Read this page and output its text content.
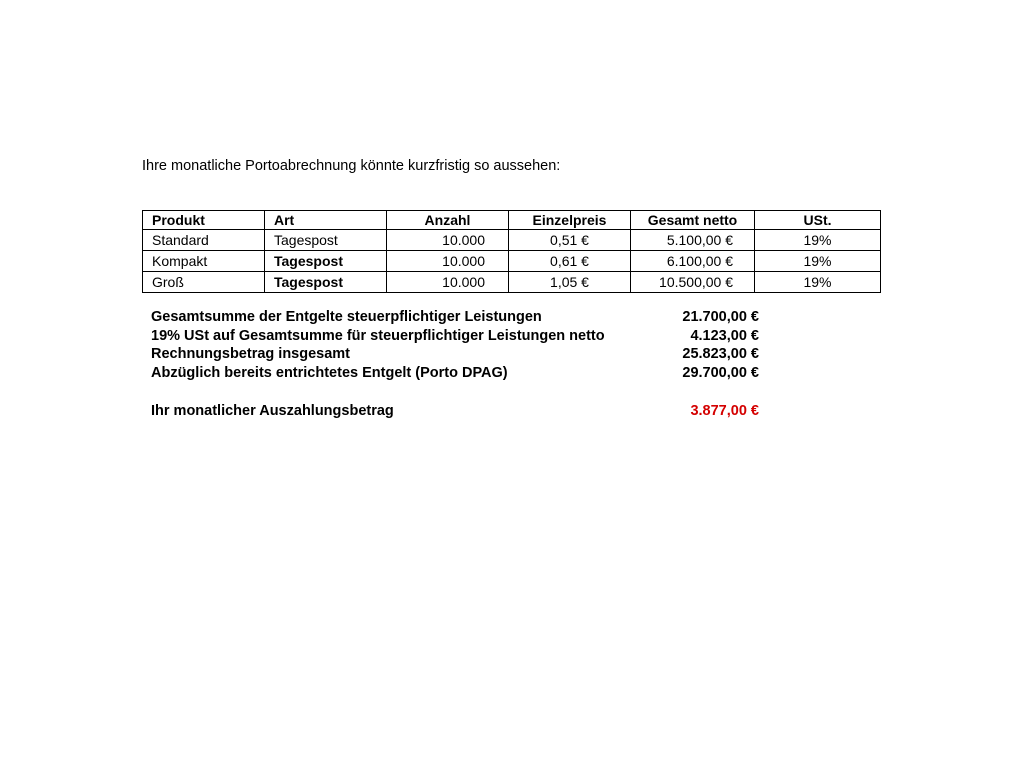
Ihre monatliche Portoabrechnung könnte kurzfristig so aussehen:
Produkt	Art	Anzahl	Einzelpreis	Gesamt netto	USt.
Standard	Tagespost	10.000	0,51 €	5.100,00 €	19%
Kompakt	Tagespost	10.000	0,61 €	6.100,00 €	19%
Groß	Tagespost	10.000	1,05 €	10.500,00 €	19%
Gesamtsumme der Entgelte steuerpflichtiger Leistungen	21.700,00 €
19% USt auf Gesamtsumme für steuerpflichtiger Leistungen netto	4.123,00 €
Rechnungsbetrag insgesamt	25.823,00 €
Abzüglich bereits entrichtetes Entgelt (Porto DPAG)	29.700,00 €
Ihr monatlicher Auszahlungsbetrag	3.877,00 €
